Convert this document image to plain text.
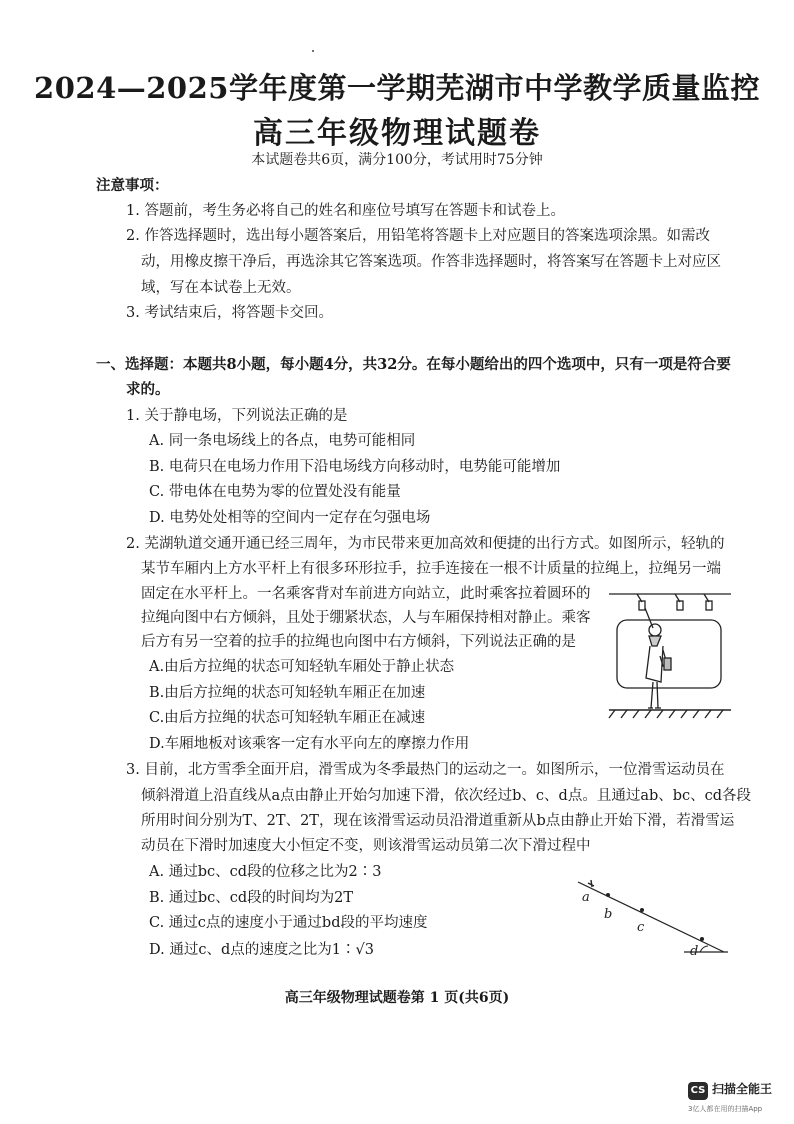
2024—2025学年度第一学期芜湖市中学教学质量监控
高三年级物理试题卷
本试题卷共6页，满分100分，考试用时75分钟
注意事项：
1. 答题前，考生务必将自己的姓名和座位号填写在答题卡和试卷上。
2. 作答选择题时，选出每小题答案后，用铅笔将答题卡上对应题目的答案选项涂黑。如需改
动，用橡皮擦干净后，再选涂其它答案选项。作答非选择题时，将答案写在答题卡上对应区
域，写在本试卷上无效。
3. 考试结束后，将答题卡交回。
一、选择题：本题共8小题，每小题4分，共32分。在每小题给出的四个选项中，只有一项是符合要
求的。
1. 关于静电场，下列说法正确的是
A. 同一条电场线上的各点，电势可能相同
B. 电荷只在电场力作用下沿电场线方向移动时，电势能可能增加
C. 带电体在电势为零的位置处没有能量
D. 电势处处相等的空间内一定存在匀强电场
2. 芜湖轨道交通开通已经三周年，为市民带来更加高效和便捷的出行方式。如图所示，轻轨的
某节车厢内上方水平杆上有很多环形拉手，拉手连接在一根不计质量的拉绳上，拉绳另一端
固定在水平杆上。一名乘客背对车前进方向站立，此时乘客拉着圆环的
拉绳向图中右方倾斜，且处于绷紧状态，人与车厢保持相对静止。乘客
后方有另一空着的拉手的拉绳也向图中右方倾斜，下列说法正确的是
A.由后方拉绳的状态可知轻轨车厢处于静止状态
B.由后方拉绳的状态可知轻轨车厢正在加速
C.由后方拉绳的状态可知轻轨车厢正在减速
D.车厢地板对该乘客一定有水平向左的摩擦力作用
3. 目前，北方雪季全面开启，滑雪成为冬季最热门的运动之一。如图所示，一位滑雪运动员在
倾斜滑道上沿直线从a点由静止开始匀加速下滑，依次经过b、c、d点。且通过ab、bc、cd各段
所用时间分别为T、2T、2T，现在该滑雪运动员沿滑道重新从b点由静止开始下滑，若滑雪运
动员在下滑时加速度大小恒定不变，则该滑雪运动员第二次下滑过程中
A. 通过bc、cd段的位移之比为2∶3
B. 通过bc、cd段的时间均为2T
C. 通过c点的速度小于通过bd段的平均速度
D. 通过c、d点的速度之比为1∶√3
a
b
c
d
高三年级物理试题卷第 1 页(共6页)
CS 扫描全能王
3亿人都在用的扫描App
